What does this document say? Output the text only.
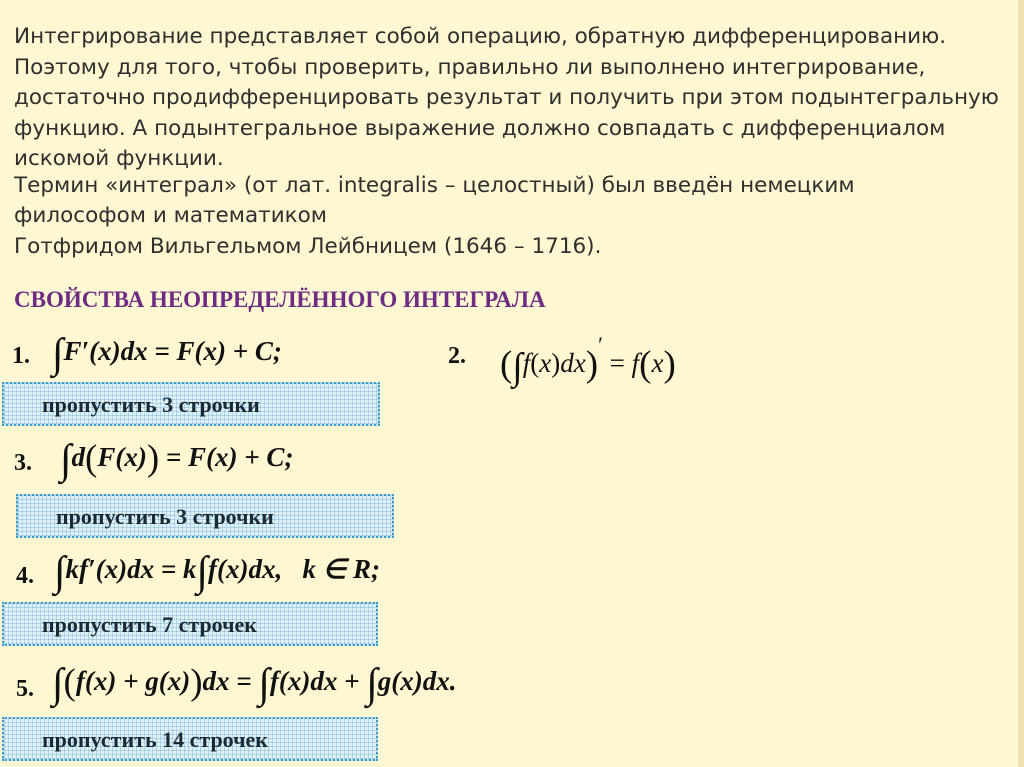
Интегрирование представляет собой операцию, обратную дифференцированию.

Поэтому для того, чтобы проверить, правильно ли выполнено интегрирование,

достаточно продифференцировать результат и получить при этом подынтегральную

функцию. А подынтегральное выражение должно совпадать с дифференциалом

искомой функции.

Термин «интеграл» (от лат. integralis – целостный) был введён немецким

философом и математиком

Готфридом Вильгельмом Лейбницем (1646 – 1716).

СВОЙСТВА НЕОПРЕДЕЛЁННОГО ИНТЕГРАЛА
1. ∫F′(x)dx = F(x) + C;	2. (∫f(x)dx)′ = f(x)
пропустить 3 строчки
3. ∫d(F(x)) = F(x) + C;
пропустить 3 строчки
4. ∫kf′(x)dx = k∫f(x)dx,   k ∈ R;
пропустить 7 строчек
5. ∫(f(x) + g(x))dx = ∫f(x)dx + ∫g(x)dx.
пропустить 14 строчек
